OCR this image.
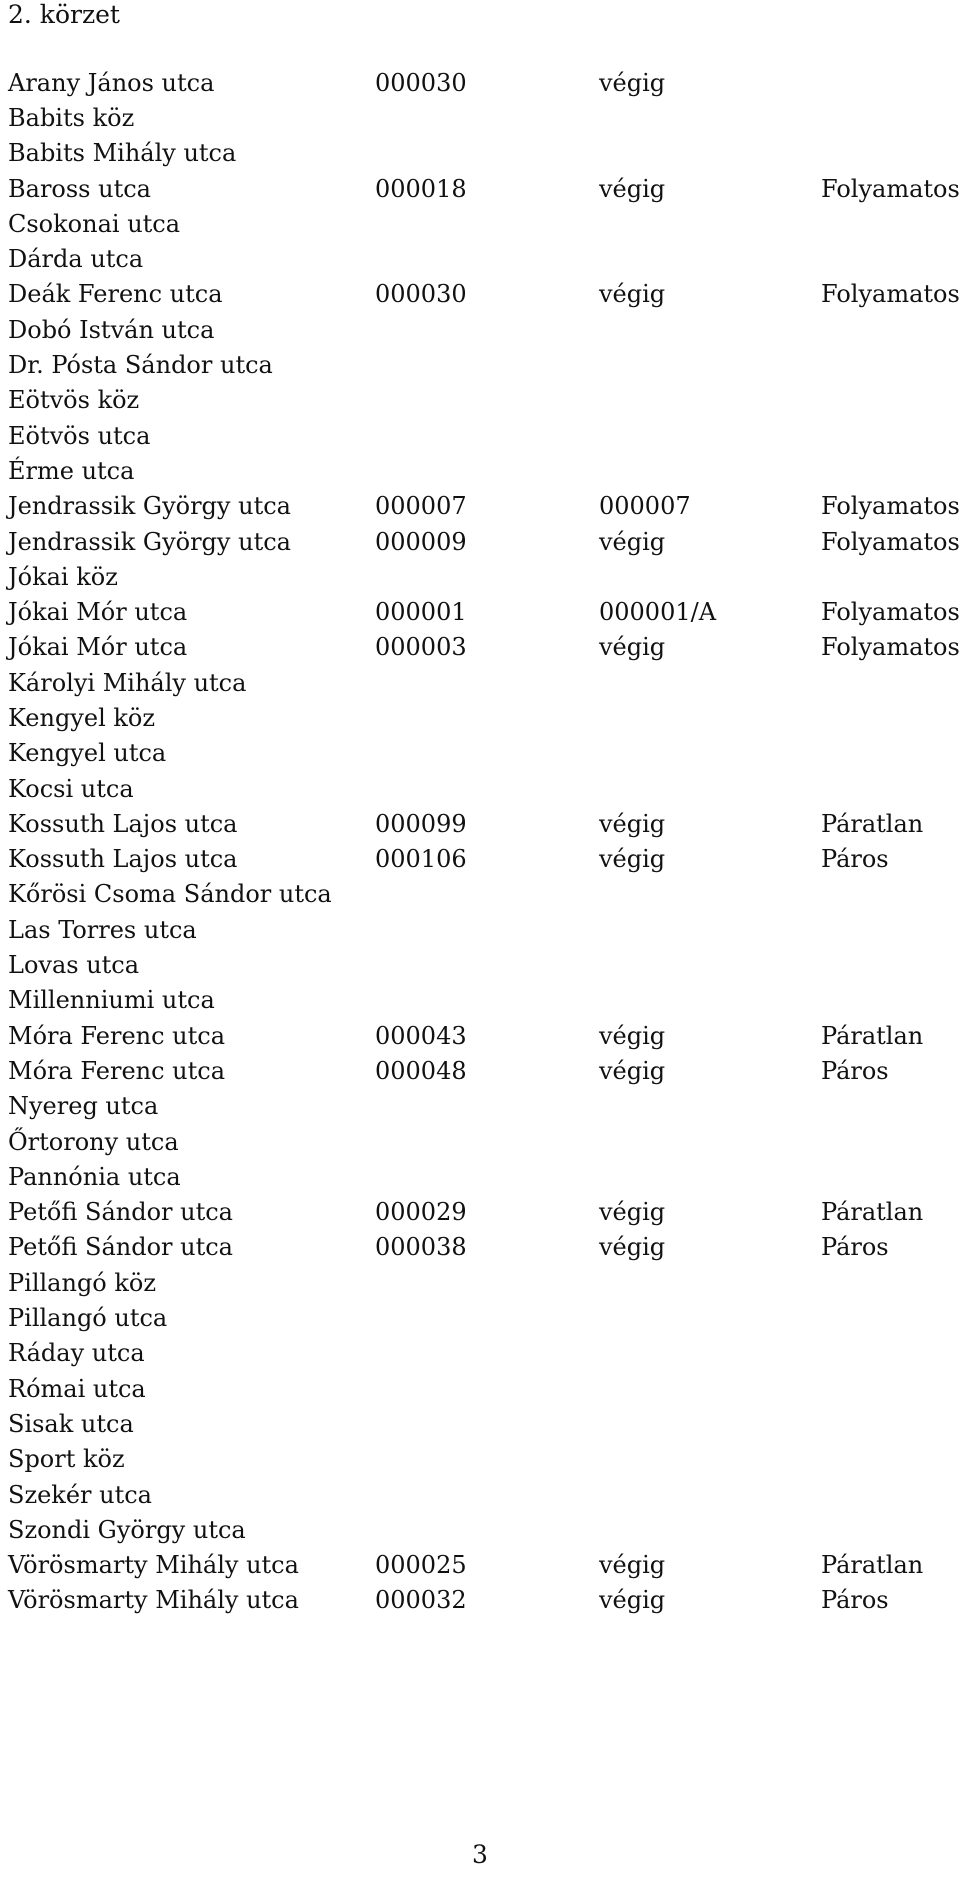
2. körzet
Arany János utca	000030	végig
Babits köz
Babits Mihály utca
Baross utca	000018	végig	Folyamatos
Csokonai utca
Dárda utca
Deák Ferenc utca	000030	végig	Folyamatos
Dobó István utca
Dr. Pósta Sándor utca
Eötvös köz
Eötvös utca
Érme utca
Jendrassik György utca	000007	000007	Folyamatos
Jendrassik György utca	000009	végig	Folyamatos
Jókai köz
Jókai Mór utca	000001	000001/A	Folyamatos
Jókai Mór utca	000003	végig	Folyamatos
Károlyi Mihály utca
Kengyel köz
Kengyel utca
Kocsi utca
Kossuth Lajos utca	000099	végig	Páratlan
Kossuth Lajos utca	000106	végig	Páros
Kőrösi Csoma Sándor utca
Las Torres utca
Lovas utca
Millenniumi utca
Móra Ferenc utca	000043	végig	Páratlan
Móra Ferenc utca	000048	végig	Páros
Nyereg utca
Őrtorony utca
Pannónia utca
Petőfi Sándor utca	000029	végig	Páratlan
Petőfi Sándor utca	000038	végig	Páros
Pillangó köz
Pillangó utca
Ráday utca
Római utca
Sisak utca
Sport köz
Szekér utca
Szondi György utca
Vörösmarty Mihály utca	000025	végig	Páratlan
Vörösmarty Mihály utca	000032	végig	Páros
3
